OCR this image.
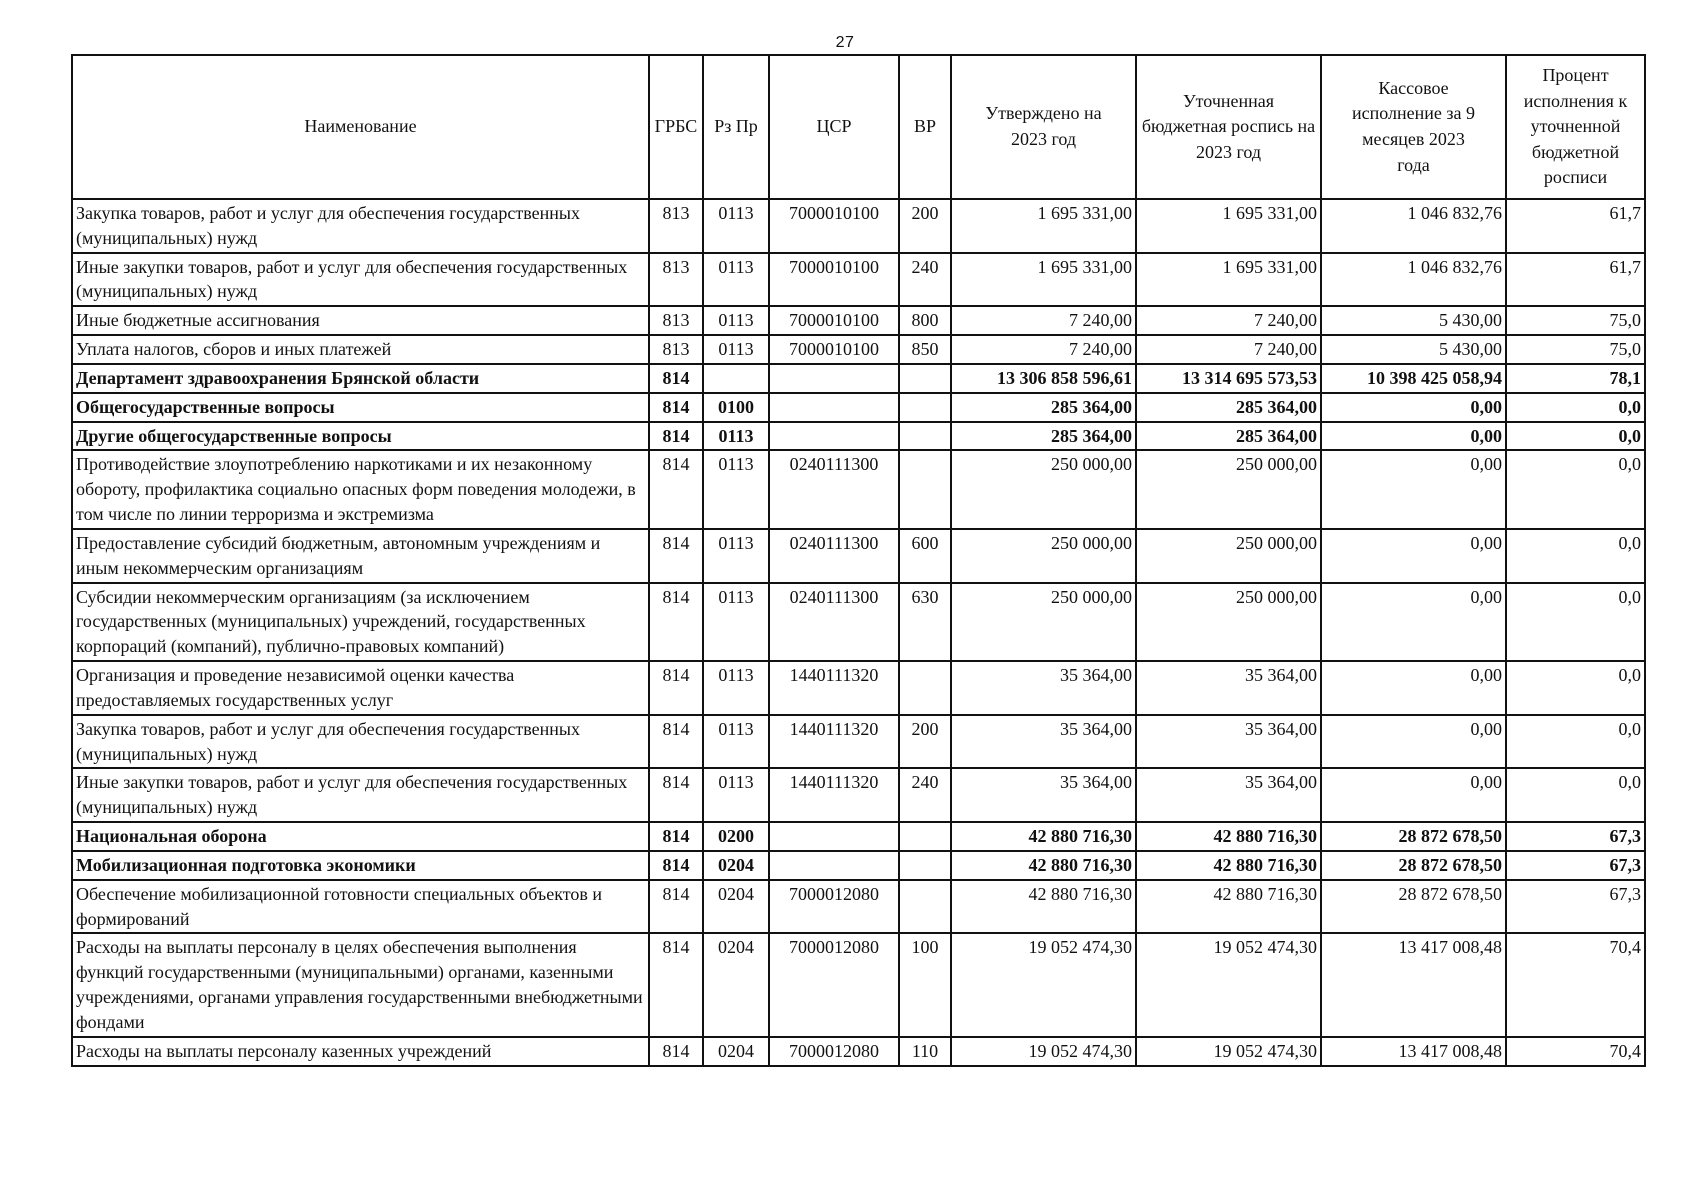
27
Наименование	ГРБС	Рз Пр	ЦСР	ВР	Утверждено на 2023 год	Уточненная бюджетная роспись на 2023 год	Кассовое исполнение за 9 месяцев 2023 года	Процент исполнения к уточненной бюджетной росписи
Закупка товаров, работ и услуг для обеспечения государственных (муниципальных) нужд	813	0113	7000010100	200	1 695 331,00	1 695 331,00	1 046 832,76	61,7
Иные закупки товаров, работ и услуг для обеспечения государственных (муниципальных) нужд	813	0113	7000010100	240	1 695 331,00	1 695 331,00	1 046 832,76	61,7
Иные бюджетные ассигнования	813	0113	7000010100	800	7 240,00	7 240,00	5 430,00	75,0
Уплата налогов, сборов и иных платежей	813	0113	7000010100	850	7 240,00	7 240,00	5 430,00	75,0
Департамент здравоохранения Брянской области	814				13 306 858 596,61	13 314 695 573,53	10 398 425 058,94	78,1
Общегосударственные вопросы	814	0100			285 364,00	285 364,00	0,00	0,0
Другие общегосударственные вопросы	814	0113			285 364,00	285 364,00	0,00	0,0
Противодействие злоупотреблению наркотиками и их незаконному обороту, профилактика социально опасных форм поведения молодежи, в том числе по линии терроризма и экстремизма	814	0113	0240111300		250 000,00	250 000,00	0,00	0,0
Предоставление субсидий бюджетным, автономным учреждениям и иным некоммерческим организациям	814	0113	0240111300	600	250 000,00	250 000,00	0,00	0,0
Субсидии некоммерческим организациям (за исключением государственных (муниципальных) учреждений, государственных корпораций (компаний), публично-правовых компаний)	814	0113	0240111300	630	250 000,00	250 000,00	0,00	0,0
Организация и проведение независимой оценки качества предоставляемых государственных услуг	814	0113	1440111320		35 364,00	35 364,00	0,00	0,0
Закупка товаров, работ и услуг для обеспечения государственных (муниципальных) нужд	814	0113	1440111320	200	35 364,00	35 364,00	0,00	0,0
Иные закупки товаров, работ и услуг для обеспечения государственных (муниципальных) нужд	814	0113	1440111320	240	35 364,00	35 364,00	0,00	0,0
Национальная оборона	814	0200			42 880 716,30	42 880 716,30	28 872 678,50	67,3
Мобилизационная подготовка экономики	814	0204			42 880 716,30	42 880 716,30	28 872 678,50	67,3
Обеспечение мобилизационной готовности специальных объектов и формирований	814	0204	7000012080		42 880 716,30	42 880 716,30	28 872 678,50	67,3
Расходы на выплаты персоналу в целях обеспечения выполнения функций государственными (муниципальными) органами, казенными учреждениями, органами управления государственными внебюджетными фондами	814	0204	7000012080	100	19 052 474,30	19 052 474,30	13 417 008,48	70,4
Расходы на выплаты персоналу казенных учреждений	814	0204	7000012080	110	19 052 474,30	19 052 474,30	13 417 008,48	70,4
